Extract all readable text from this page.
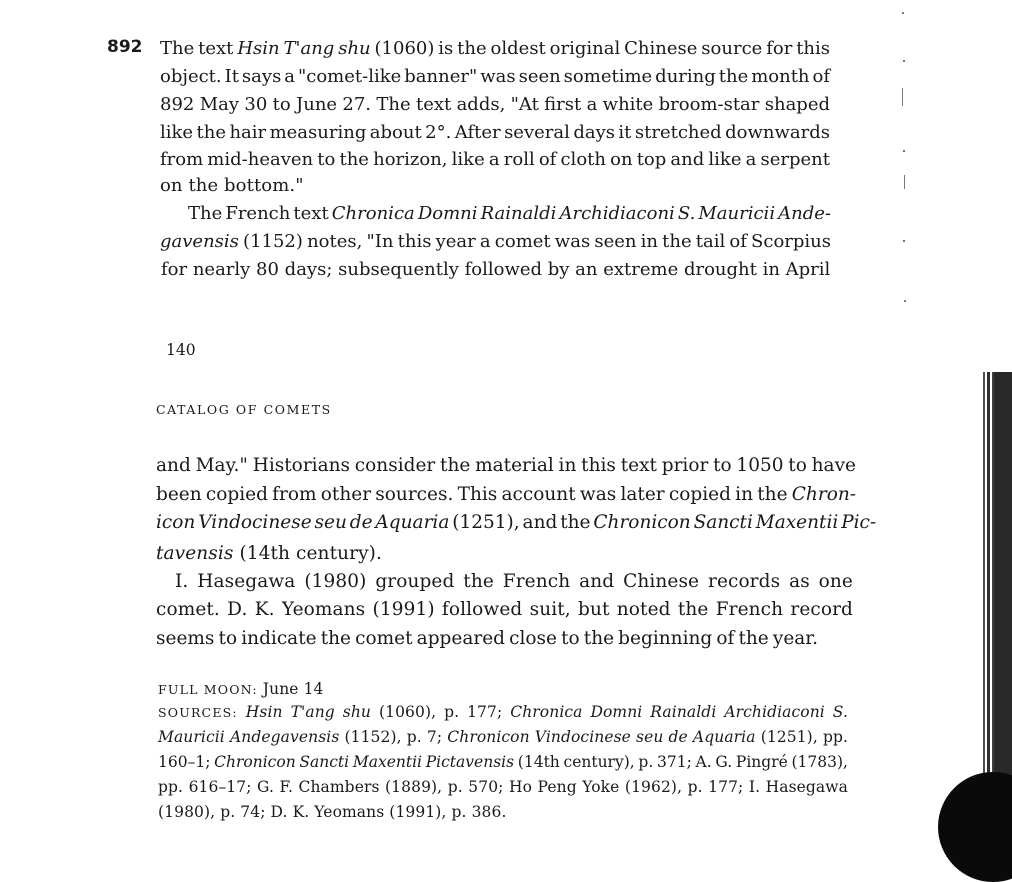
892 The text Hsin T'ang shu (1060) is the oldest original Chinese source for this

object. It says a "comet-like banner" was seen sometime during the month of

892 May 30 to June 27. The text adds, "At first a white broom-star shaped

like the hair measuring about 2°. After several days it stretched downwards

from mid-heaven to the horizon, like a roll of cloth on top and like a serpent

on the bottom."

The French text Chronica Domni Rainaldi Archidiaconi S. Mauricii Ande-

gavensis (1152) notes, "In this year a comet was seen in the tail of Scorpius

for nearly 80 days; subsequently followed by an extreme drought in April

140
CATALOG OF COMETS

and May." Historians consider the material in this text prior to 1050 to have

been copied from other sources. This account was later copied in the Chron-

icon Vindocinese seu de Aquaria (1251), and the Chronicon Sancti Maxentii Pic-

tavensis (14th century).

I. Hasegawa (1980) grouped the French and Chinese records as one

comet. D. K. Yeomans (1991) followed suit, but noted the French record

seems to indicate the comet appeared close to the beginning of the year.

FULL MOON: June 14

SOURCES: Hsin T'ang shu (1060), p. 177; Chronica Domni Rainaldi Archidiaconi S.

Mauricii Andegavensis (1152), p. 7; Chronicon Vindocinese seu de Aquaria (1251), pp.

160–1; Chronicon Sancti Maxentii Pictavensis (14th century), p. 371; A. G. Pingré (1783),

pp. 616–17; G. F. Chambers (1889), p. 570; Ho Peng Yoke (1962), p. 177; I. Hasegawa

(1980), p. 74; D. K. Yeomans (1991), p. 386.
